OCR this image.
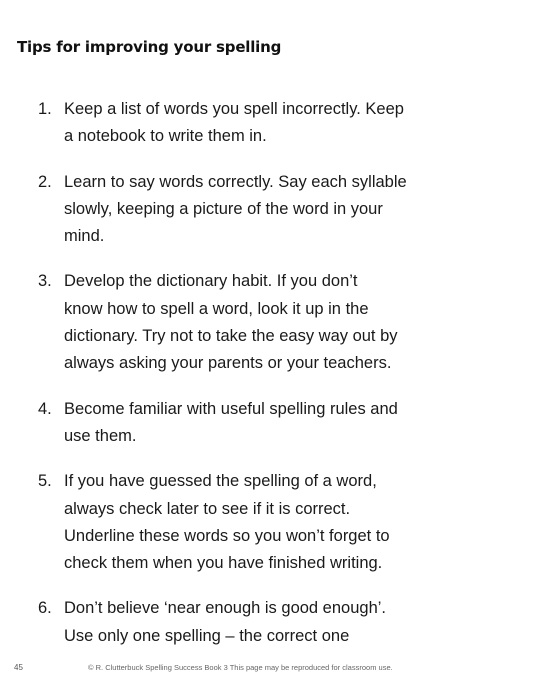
Tips for improving your spelling
1. Keep a list of words you spell incorrectly. Keep
a notebook to write them in.
2. Learn to say words correctly. Say each syllable
slowly, keeping a picture of the word in your
mind.
3. Develop the dictionary habit. If you don’t
know how to spell a word, look it up in the
dictionary. Try not to take the easy way out by
always asking your parents or your teachers.
4. Become familiar with useful spelling rules and
use them.
5. If you have guessed the spelling of a word,
always check later to see if it is correct.
Underline these words so you won’t forget to
check them when you have finished writing.
6. Don’t believe ‘near enough is good enough’.
Use only one spelling – the correct one
45	© R. Clutterbuck Spelling Success Book 3 This page may be reproduced for classroom use.
